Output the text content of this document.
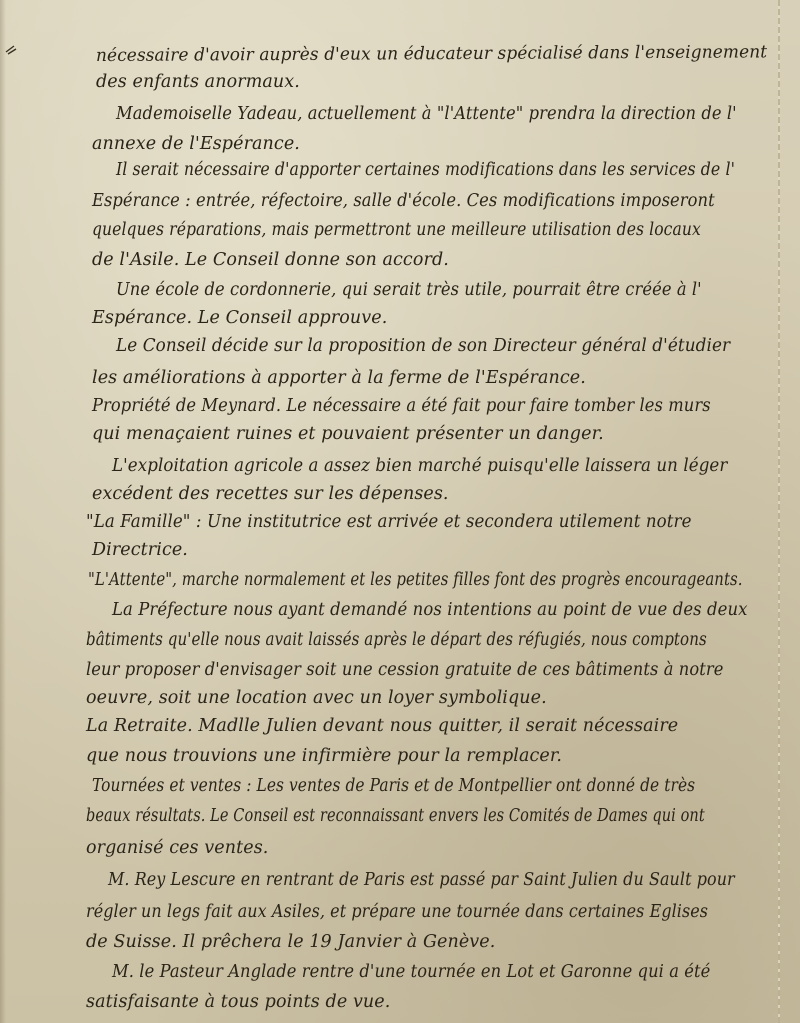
nécessaire d'avoir auprès d'eux un éducateur spécialisé dans l'enseignement
des enfants anormaux.
Mademoiselle Yadeau, actuellement à "l'Attente" prendra la direction de l'
annexe de l'Espérance.
Il serait nécessaire d'apporter certaines modifications dans les services de l'
Espérance : entrée, réfectoire, salle d'école. Ces modifications imposeront
quelques réparations, mais permettront une meilleure utilisation des locaux
de l'Asile. Le Conseil donne son accord.
Une école de cordonnerie, qui serait très utile, pourrait être créée à l'
Espérance. Le Conseil approuve.
Le Conseil décide sur la proposition de son Directeur général d'étudier
les améliorations à apporter à la ferme de l'Espérance.
Propriété de Meynard. Le nécessaire a été fait pour faire tomber les murs
qui menaçaient ruines et pouvaient présenter un danger.
L'exploitation agricole a assez bien marché puisqu'elle laissera un léger
excédent des recettes sur les dépenses.
"La Famille" : Une institutrice est arrivée et secondera utilement notre
Directrice.
"L'Attente", marche normalement et les petites filles font des progrès encourageants.
La Préfecture nous ayant demandé nos intentions au point de vue des deux
bâtiments qu'elle nous avait laissés après le départ des réfugiés, nous comptons
leur proposer d'envisager soit une cession gratuite de ces bâtiments à notre
oeuvre, soit une location avec un loyer symbolique.
La Retraite. Madlle Julien devant nous quitter, il serait nécessaire
que nous trouvions une infirmière pour la remplacer.
Tournées et ventes : Les ventes de Paris et de Montpellier ont donné de très
beaux résultats. Le Conseil est reconnaissant envers les Comités de Dames qui ont
organisé ces ventes.
M. Rey Lescure en rentrant de Paris est passé par Saint Julien du Sault pour
régler un legs fait aux Asiles, et prépare une tournée dans certaines Eglises
de Suisse. Il prêchera le 19 Janvier à Genève.
M. le Pasteur Anglade rentre d'une tournée en Lot et Garonne qui a été
satisfaisante à tous points de vue.
